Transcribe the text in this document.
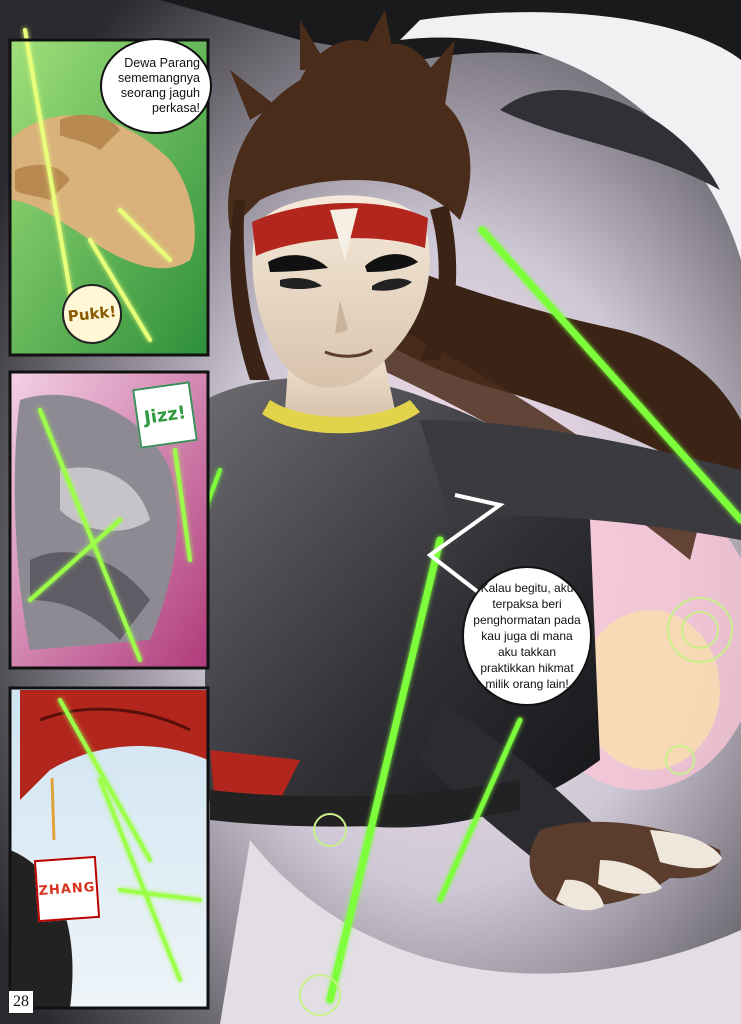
Dewa Parang sememangnya seorang jaguh perkasa!
Kalau begitu, aku terpaksa beri penghormatan pada kau juga di mana aku takkan praktikkan hikmat milik orang lain!
Pukk!
Jizz!
ZHANG
28
